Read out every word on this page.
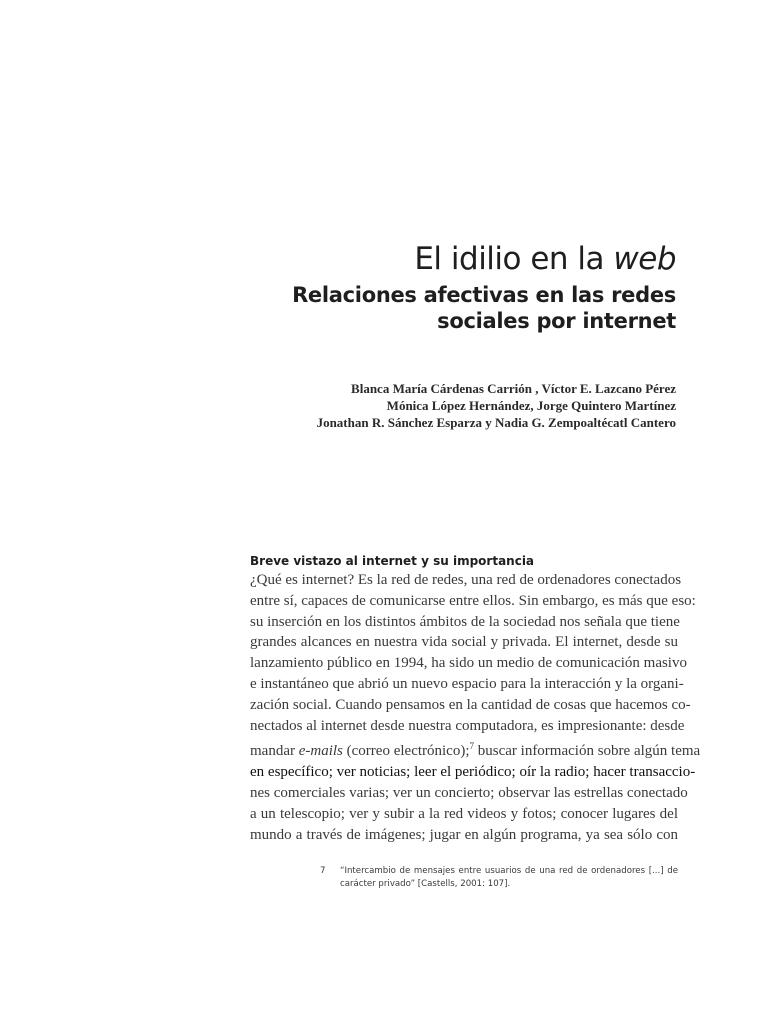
El idilio en la web
Relaciones afectivas en las redes
sociales por internet
Blanca María Cárdenas Carrión , Víctor E. Lazcano Pérez
Mónica López Hernández, Jorge Quintero Martínez
Jonathan R. Sánchez Esparza y Nadia G. Zempoaltécatl Cantero
Breve vistazo al internet y su importancia
¿Qué es internet? Es la red de redes, una red de ordenadores conectados
entre sí, capaces de comunicarse entre ellos. Sin embargo, es más que eso:
su inserción en los distintos ámbitos de la sociedad nos señala que tiene
grandes alcances en nuestra vida social y privada. El internet, desde su
lanzamiento público en 1994, ha sido un medio de comunicación masivo
e instantáneo que abrió un nuevo espacio para la interacción y la organi-
zación social. Cuando pensamos en la cantidad de cosas que hacemos co-
nectados al internet desde nuestra computadora, es impresionante: desde
mandar e-mails (correo electrónico);$^7$ buscar información sobre algún tema
en específico; ver noticias; leer el periódico; oír la radio; hacer transaccio-
nes comerciales varias; ver un concierto; observar las estrellas conectado
a un telescopio; ver y subir a la red videos y fotos; conocer lugares del
mundo a través de imágenes; jugar en algún programa, ya sea sólo con
7 “Intercambio de mensajes entre usuarios de una red de ordenadores [...] de
carácter privado” [Castells, 2001: 107].
